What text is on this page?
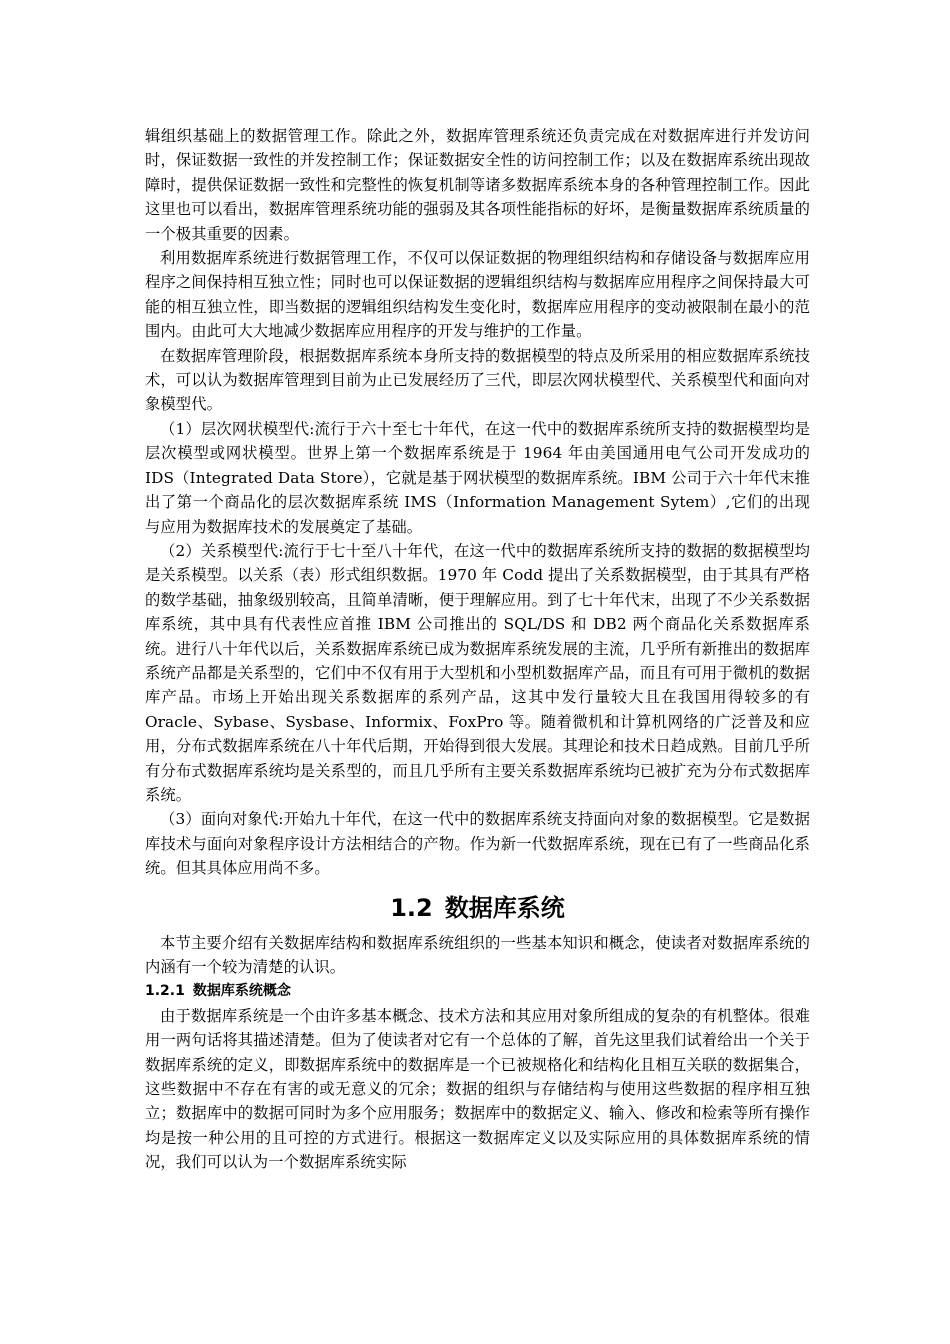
辑组织基础上的数据管理工作。除此之外，数据库管理系统还负责完成在对数据库进行并发访问时，保证数据一致性的并发控制工作；保证数据安全性的访问控制工作；以及在数据库系统出现故障时，提供保证数据一致性和完整性的恢复机制等诸多数据库系统本身的各种管理控制工作。因此这里也可以看出，数据库管理系统功能的强弱及其各项性能指标的好坏，是衡量数据库系统质量的一个极其重要的因素。

利用数据库系统进行数据管理工作，不仅可以保证数据的物理组织结构和存储设备与数据库应用程序之间保持相互独立性；同时也可以保证数据的逻辑组织结构与数据库应用程序之间保持最大可能的相互独立性，即当数据的逻辑组织结构发生变化时，数据库应用程序的变动被限制在最小的范围内。由此可大大地减少数据库应用程序的开发与维护的工作量。

在数据库管理阶段，根据数据库系统本身所支持的数据模型的特点及所采用的相应数据库系统技术，可以认为数据库管理到目前为止已发展经历了三代，即层次网状模型代、关系模型代和面向对象模型代。

（1）层次网状模型代:流行于六十至七十年代，在这一代中的数据库系统所支持的数据模型均是层次模型或网状模型。世界上第一个数据库系统是于 1964 年由美国通用电气公司开发成功的 IDS（Integrated Data Store），它就是基于网状模型的数据库系统。IBM 公司于六十年代末推出了第一个商品化的层次数据库系统 IMS（Information Management Sytem）,它们的出现与应用为数据库技术的发展奠定了基础。

（2）关系模型代:流行于七十至八十年代，在这一代中的数据库系统所支持的数据的数据模型均是关系模型。以关系（表）形式组织数据。1970 年 Codd 提出了关系数据模型，由于其具有严格的数学基础，抽象级别较高，且简单清晰，便于理解应用。到了七十年代末，出现了不少关系数据库系统，其中具有代表性应首推 IBM 公司推出的 SQL/DS 和 DB2 两个商品化关系数据库系统。进行八十年代以后，关系数据库系统已成为数据库系统发展的主流，几乎所有新推出的数据库系统产品都是关系型的，它们中不仅有用于大型机和小型机数据库产品，而且有可用于微机的数据库产品。市场上开始出现关系数据库的系列产品，这其中发行量较大且在我国用得较多的有 Oracle、Sybase、Sysbase、Informix、FoxPro 等。随着微机和计算机网络的广泛普及和应用，分布式数据库系统在八十年代后期，开始得到很大发展。其理论和技术日趋成熟。目前几乎所有分布式数据库系统均是关系型的，而且几乎所有主要关系数据库系统均已被扩充为分布式数据库系统。

（3）面向对象代:开始九十年代，在这一代中的数据库系统支持面向对象的数据模型。它是数据库技术与面向对象程序设计方法相结合的产物。作为新一代数据库系统，现在已有了一些商品化系统。但其具体应用尚不多。

1.2 数据库系统

本节主要介绍有关数据库结构和数据库系统组织的一些基本知识和概念，使读者对数据库系统的内涵有一个较为清楚的认识。

1.2.1 数据库系统概念

由于数据库系统是一个由许多基本概念、技术方法和其应用对象所组成的复杂的有机整体。很难用一两句话将其描述清楚。但为了使读者对它有一个总体的了解，首先这里我们试着给出一个关于数据库系统的定义，即数据库系统中的数据库是一个已被规格化和结构化且相互关联的数据集合，这些数据中不存在有害的或无意义的冗余；数据的组织与存储结构与使用这些数据的程序相互独立；数据库中的数据可同时为多个应用服务；数据库中的数据定义、输入、修改和检索等所有操作均是按一种公用的且可控的方式进行。根据这一数据库定义以及实际应用的具体数据库系统的情况，我们可以认为一个数据库系统实际
